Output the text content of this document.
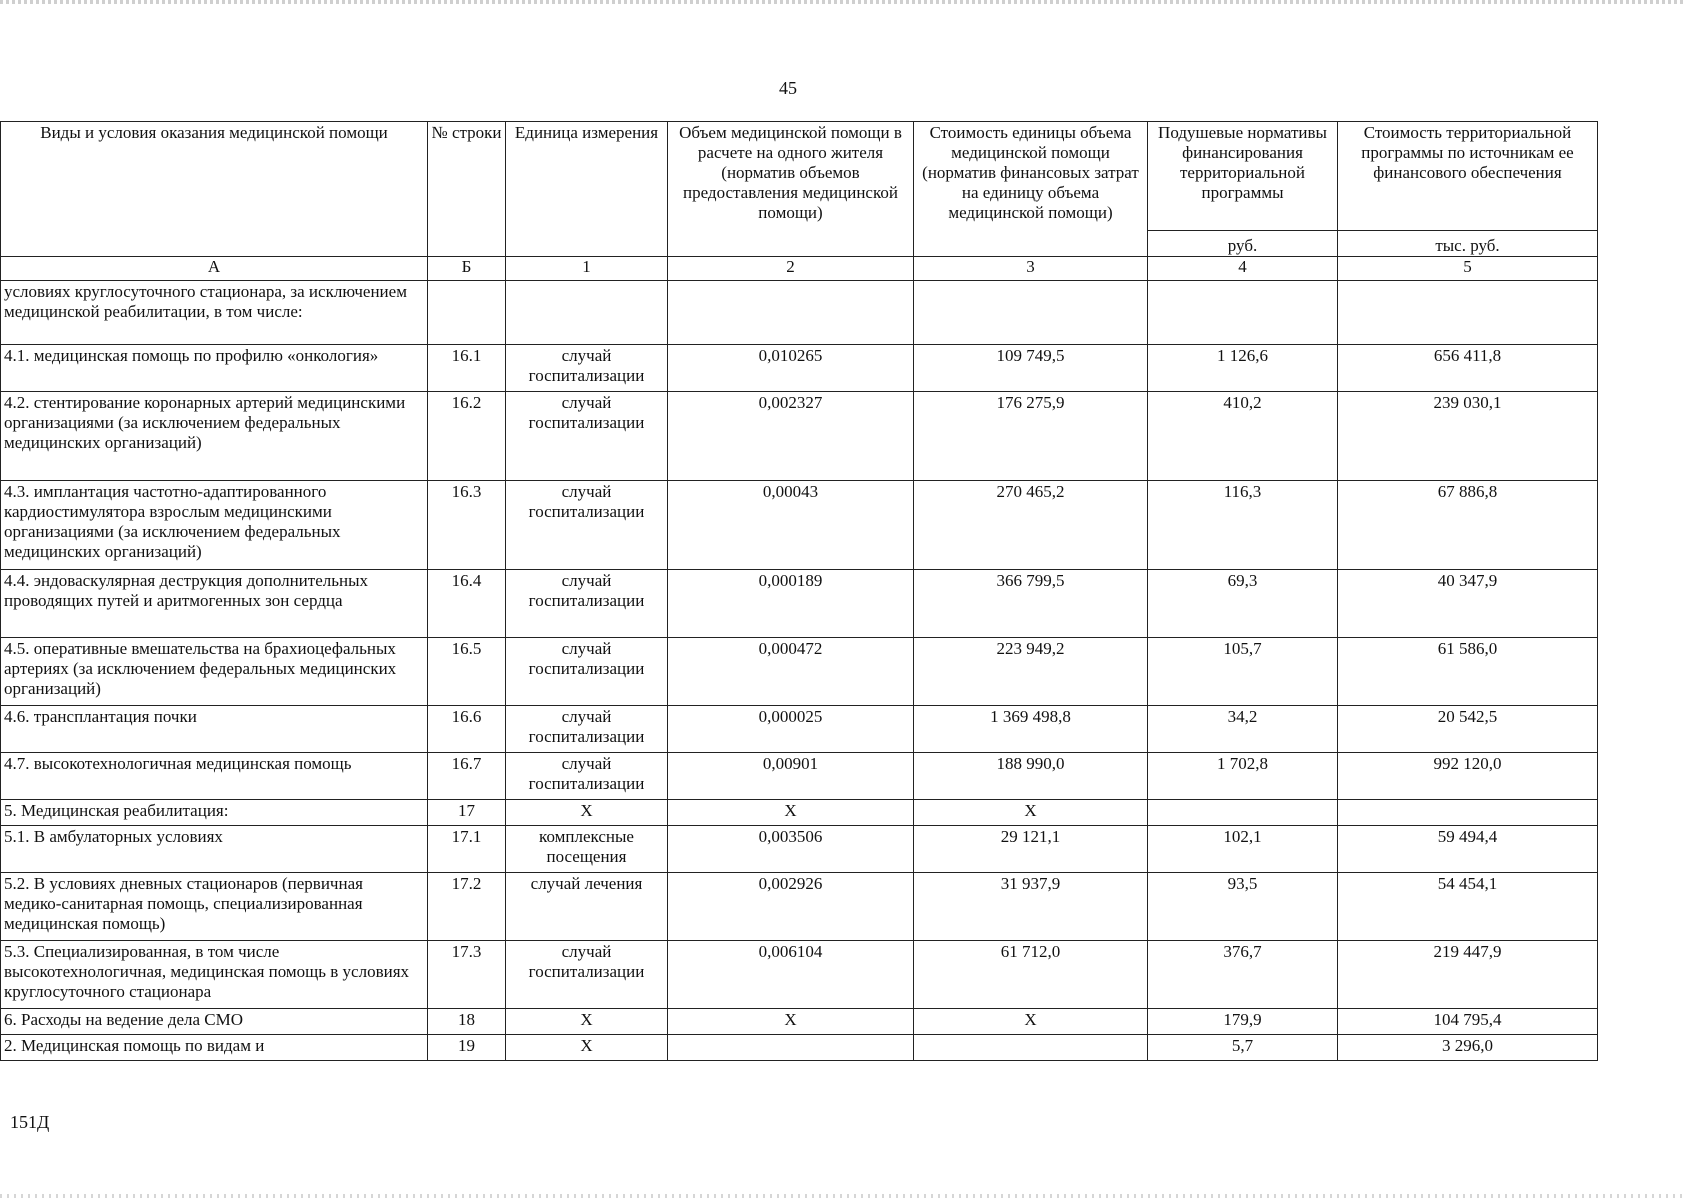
45
Виды и условия оказания медицинской помощи	№ строки	Единица измерения	Объем медицинской помощи в расчете на одного жителя (норматив объемов предоставления медицинской помощи)	Стоимость единицы объема медицинской помощи (норматив финансовых затрат на единицу объема медицинской помощи)	Подушевые нормативы финансирования территориальной программы	Стоимость территориальной программы по источникам ее финансового обеспечения
					руб.	тыс. руб.
А	Б	1	2	3	4	5
условиях круглосуточного стационара, за исключением медицинской реабилитации, в том числе:						
4.1. медицинская помощь по профилю «онкология»	16.1	случай госпитализации	0,010265	109 749,5	1 126,6	656 411,8
4.2. стентирование коронарных артерий медицинскими организациями (за исключением федеральных медицинских организаций)	16.2	случай госпитализации	0,002327	176 275,9	410,2	239 030,1
4.3. имплантация частотно-адаптированного кардиостимулятора взрослым медицинскими организациями (за исключением федеральных медицинских организаций)	16.3	случай госпитализации	0,00043	270 465,2	116,3	67 886,8
4.4. эндоваскулярная деструкция дополнительных проводящих путей и аритмогенных зон сердца	16.4	случай госпитализации	0,000189	366 799,5	69,3	40 347,9
4.5. оперативные вмешательства на брахиоцефальных артериях (за исключением федеральных медицинских организаций)	16.5	случай госпитализации	0,000472	223 949,2	105,7	61 586,0
4.6. трансплантация почки	16.6	случай госпитализации	0,000025	1 369 498,8	34,2	20 542,5
4.7. высокотехнологичная медицинская помощь	16.7	случай госпитализации	0,00901	188 990,0	1 702,8	992 120,0
5. Медицинская реабилитация:	17	Х	Х	Х		
5.1. В амбулаторных условиях	17.1	комплексные посещения	0,003506	29 121,1	102,1	59 494,4
5.2. В условиях дневных стационаров (первичная медико-санитарная помощь, специализированная медицинская помощь)	17.2	случай лечения	0,002926	31 937,9	93,5	54 454,1
5.3. Специализированная, в том числе высокотехнологичная, медицинская помощь в условиях круглосуточного стационара	17.3	случай госпитализации	0,006104	61 712,0	376,7	219 447,9
6. Расходы на ведение дела СМО	18	Х	Х	Х	179,9	104 795,4
2. Медицинская помощь по видам и	19	Х			5,7	3 296,0
151Д
